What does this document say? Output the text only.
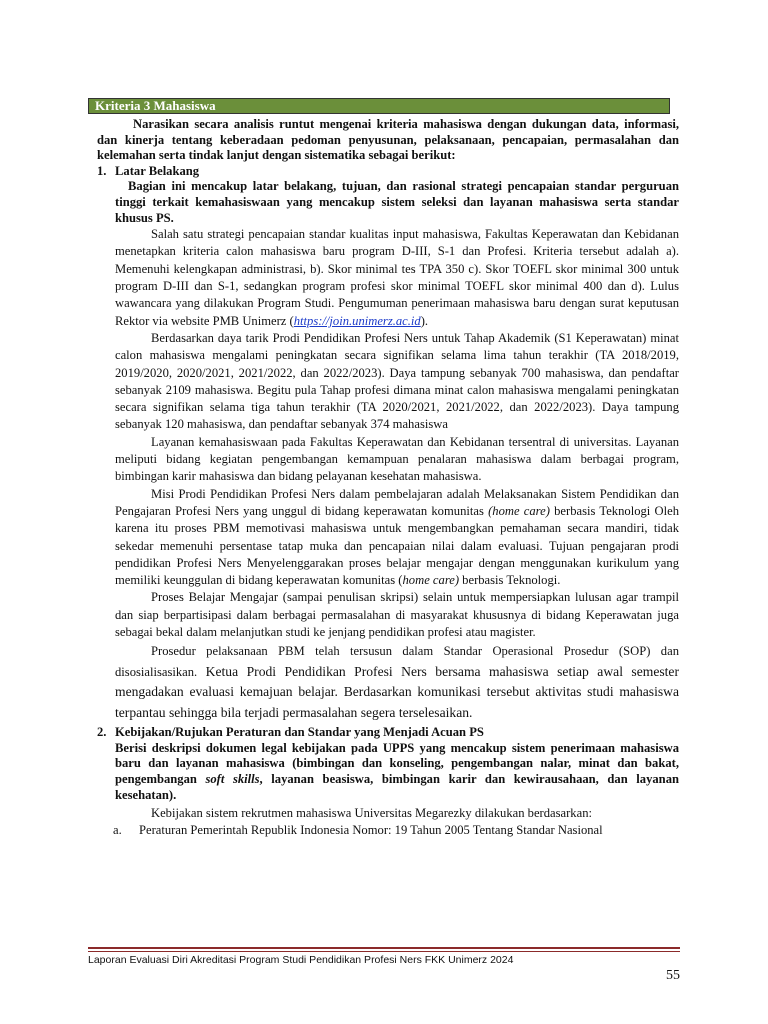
Kriteria 3 Mahasiswa

Narasikan secara analisis runtut mengenai kriteria mahasiswa dengan dukungan data, informasi, dan kinerja tentang keberadaan pedoman penyusunan, pelaksanaan, pencapaian, permasalahan dan kelemahan serta tindak lanjut dengan sistematika sebagai berikut:

1. Latar Belakang

Bagian ini mencakup latar belakang, tujuan, dan rasional strategi pencapaian standar perguruan tinggi terkait kemahasiswaan yang mencakup sistem seleksi dan layanan mahasiswa serta standar khusus PS.

Salah satu strategi pencapaian standar kualitas input mahasiswa, Fakultas Keperawatan dan Kebidanan menetapkan kriteria calon mahasiswa baru program D-III, S-1 dan Profesi. Kriteria tersebut adalah a). Memenuhi kelengkapan administrasi, b). Skor minimal tes TPA 350 c). Skor TOEFL skor minimal 300 untuk program D-III dan S-1, sedangkan program profesi skor minimal TOEFL skor minimal 400 dan d). Lulus wawancara yang dilakukan Program Studi. Pengumuman penerimaan mahasiswa baru dengan surat keputusan Rektor via website PMB Unimerz (https://join.unimerz.ac.id).

Berdasarkan daya tarik Prodi Pendidikan Profesi Ners untuk Tahap Akademik (S1 Keperawatan) minat calon mahasiswa mengalami peningkatan secara signifikan selama lima tahun terakhir (TA 2018/2019, 2019/2020, 2020/2021, 2021/2022, dan 2022/2023). Daya tampung sebanyak 700 mahasiswa, dan pendaftar sebanyak 2109 mahasiswa. Begitu pula Tahap profesi dimana minat calon mahasiswa mengalami peningkatan secara signifikan selama tiga tahun terakhir (TA 2020/2021, 2021/2022, dan 2022/2023). Daya tampung sebanyak 120 mahasiswa, dan pendaftar sebanyak 374 mahasiswa

Layanan kemahasiswaan pada Fakultas Keperawatan dan Kebidanan tersentral di universitas. Layanan meliputi bidang kegiatan pengembangan kemampuan penalaran mahasiswa dalam berbagai program, bimbingan karir mahasiswa dan bidang pelayanan kesehatan mahasiswa.

Misi Prodi Pendidikan Profesi Ners dalam pembelajaran adalah Melaksanakan Sistem Pendidikan dan Pengajaran Profesi Ners yang unggul di bidang keperawatan komunitas (home care) berbasis Teknologi Oleh karena itu proses PBM memotivasi mahasiswa untuk mengembangkan pemahaman secara mandiri, tidak sekedar memenuhi persentase tatap muka dan pencapaian nilai dalam evaluasi. Tujuan pengajaran prodi pendidikan Profesi Ners Menyelenggarakan proses belajar mengajar dengan menggunakan kurikulum yang memiliki keunggulan di bidang keperawatan komunitas (home care) berbasis Teknologi.

Proses Belajar Mengajar (sampai penulisan skripsi) selain untuk mempersiapkan lulusan agar trampil dan siap berpartisipasi dalam berbagai permasalahan di masyarakat khususnya di bidang Keperawatan juga sebagai bekal dalam melanjutkan studi ke jenjang pendidikan profesi atau magister.

Prosedur pelaksanaan PBM telah tersusun dalam Standar Operasional Prosedur (SOP) dan disosialisasikan. Ketua Prodi Pendidikan Profesi Ners bersama mahasiswa setiap awal semester mengadakan evaluasi kemajuan belajar. Berdasarkan komunikasi tersebut aktivitas studi mahasiswa terpantau sehingga bila terjadi permasalahan segera terselesaikan.

2. Kebijakan/Rujukan Peraturan dan Standar yang Menjadi Acuan PS

Berisi deskripsi dokumen legal kebijakan pada UPPS yang mencakup sistem penerimaan mahasiswa baru dan layanan mahasiswa (bimbingan dan konseling, pengembangan nalar, minat dan bakat, pengembangan soft skills, layanan beasiswa, bimbingan karir dan kewirausahaan, dan layanan kesehatan).

Kebijakan sistem rekrutmen mahasiswa Universitas Megarezky dilakukan berdasarkan:

a.	Peraturan Pemerintah Republik Indonesia Nomor: 19 Tahun 2005 Tentang Standar Nasional
Laporan Evaluasi Diri Akreditasi Program Studi Pendidikan Profesi Ners FKK Unimerz 2024
55
